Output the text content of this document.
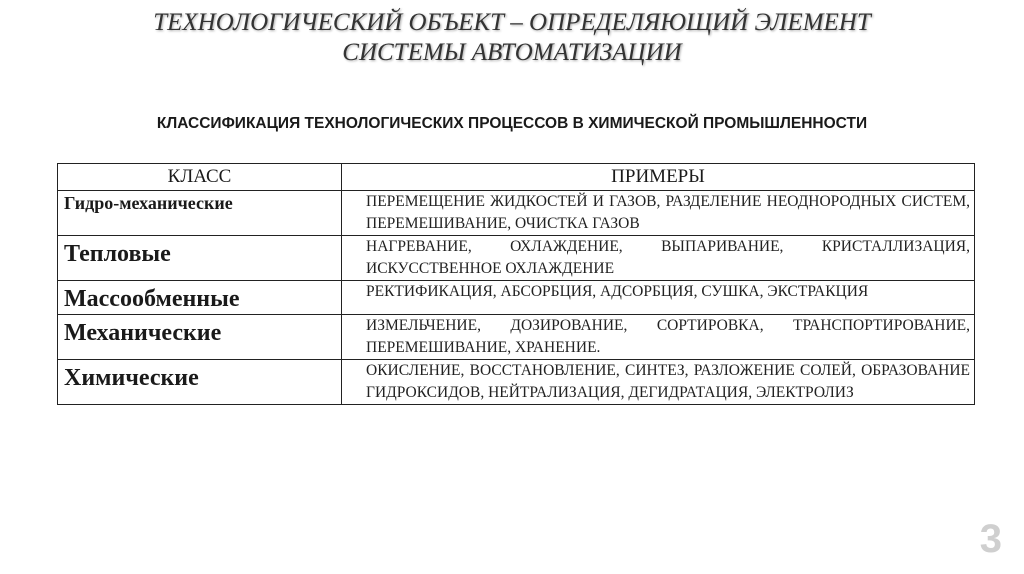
ТЕХНОЛОГИЧЕСКИЙ ОБЪЕКТ – ОПРЕДЕЛЯЮЩИЙ ЭЛЕМЕНТ
СИСТЕМЫ АВТОМАТИЗАЦИИ
КЛАССИФИКАЦИЯ ТЕХНОЛОГИЧЕСКИХ ПРОЦЕССОВ В ХИМИЧЕСКОЙ ПРОМЫШЛЕННОСТИ
КЛАСС	ПРИМЕРЫ
Гидро-механические	ПЕРЕМЕЩЕНИЕ ЖИДКОСТЕЙ И ГАЗОВ, РАЗДЕЛЕНИЕ НЕОДНОРОДНЫХ СИСТЕМ, ПЕРЕМЕШИВАНИЕ, ОЧИСТКА ГАЗОВ
Тепловые	НАГРЕВАНИЕ, ОХЛАЖДЕНИЕ, ВЫПАРИВАНИЕ, КРИСТАЛЛИЗАЦИЯ, ИСКУССТВЕННОЕ ОХЛАЖДЕНИЕ
Массообменные	РЕКТИФИКАЦИЯ, АБСОРБЦИЯ, АДСОРБЦИЯ, СУШКА, ЭКСТРАКЦИЯ
Механические	ИЗМЕЛЬЧЕНИЕ, ДОЗИРОВАНИЕ, СОРТИРОВКА, ТРАНСПОРТИРОВАНИЕ, ПЕРЕМЕШИВАНИЕ, ХРАНЕНИЕ.
Химические	ОКИСЛЕНИЕ, ВОССТАНОВЛЕНИЕ, СИНТЕЗ, РАЗЛОЖЕНИЕ СОЛЕЙ, ОБРАЗОВАНИЕ ГИДРОКСИДОВ, НЕЙТРАЛИЗАЦИЯ, ДЕГИДРАТАЦИЯ, ЭЛЕКТРОЛИЗ
3
